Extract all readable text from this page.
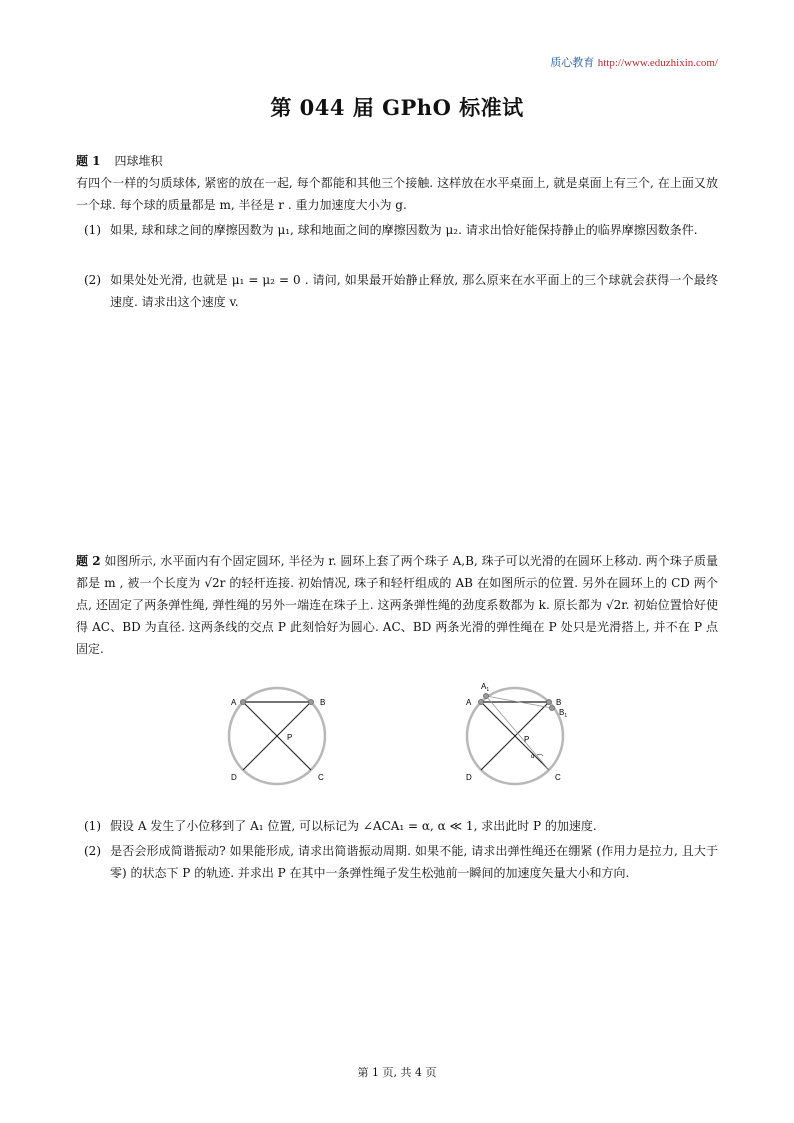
质心教育 http://www.eduzhixin.com/
第 044 届 GPhO 标准试
题 1 四球堆积
有四个一样的匀质球体, 紧密的放在一起, 每个都能和其他三个接触. 这样放在水平桌面上, 就是桌面上有三个, 在上面又放一个球. 每个球的质量都是 m, 半径是 r . 重力加速度大小为 g.
(1) 如果, 球和球之间的摩擦因数为 μ₁, 球和地面之间的摩擦因数为 μ₂. 请求出恰好能保持静止的临界摩擦因数条件.
(2) 如果处处光滑, 也就是 μ₁ = μ₂ = 0 . 请问, 如果最开始静止释放, 那么原来在水平面上的三个球就会获得一个最终速度. 请求出这个速度 v.
题 2 如图所示, 水平面内有个固定圆环, 半径为 r. 圆环上套了两个珠子 A,B, 珠子可以光滑的在圆环上移动. 两个珠子质量都是 m , 被一个长度为 √2r 的轻杆连接. 初始情况, 珠子和轻杆组成的 AB 在如图所示的位置. 另外在圆环上的 CD 两个点, 还固定了两条弹性绳, 弹性绳的另外一端连在珠子上. 这两条弹性绳的劲度系数都为 k. 原长都为 √2r. 初始位置恰好使得 AC、BD 为直径. 这两条线的交点 P 此刻恰好为圆心. AC、BD 两条光滑的弹性绳在 P 处只是光滑搭上, 并不在 P 点固定.
A	B
P
D	C
$A_1$
A	B
$B_1$
P
α
D	C
(1) 假设 A 发生了小位移到了 A₁ 位置, 可以标记为 ∠ACA₁ = α, α ≪ 1, 求出此时 P 的加速度.
(2) 是否会形成简谐振动? 如果能形成, 请求出简谐振动周期. 如果不能, 请求出弹性绳还在绷紧 (作用力是拉力, 且大于零) 的状态下 P 的轨迹. 并求出 P 在其中一条弹性绳子发生松弛前一瞬间的加速度矢量大小和方向.
第 1 页, 共 4 页
